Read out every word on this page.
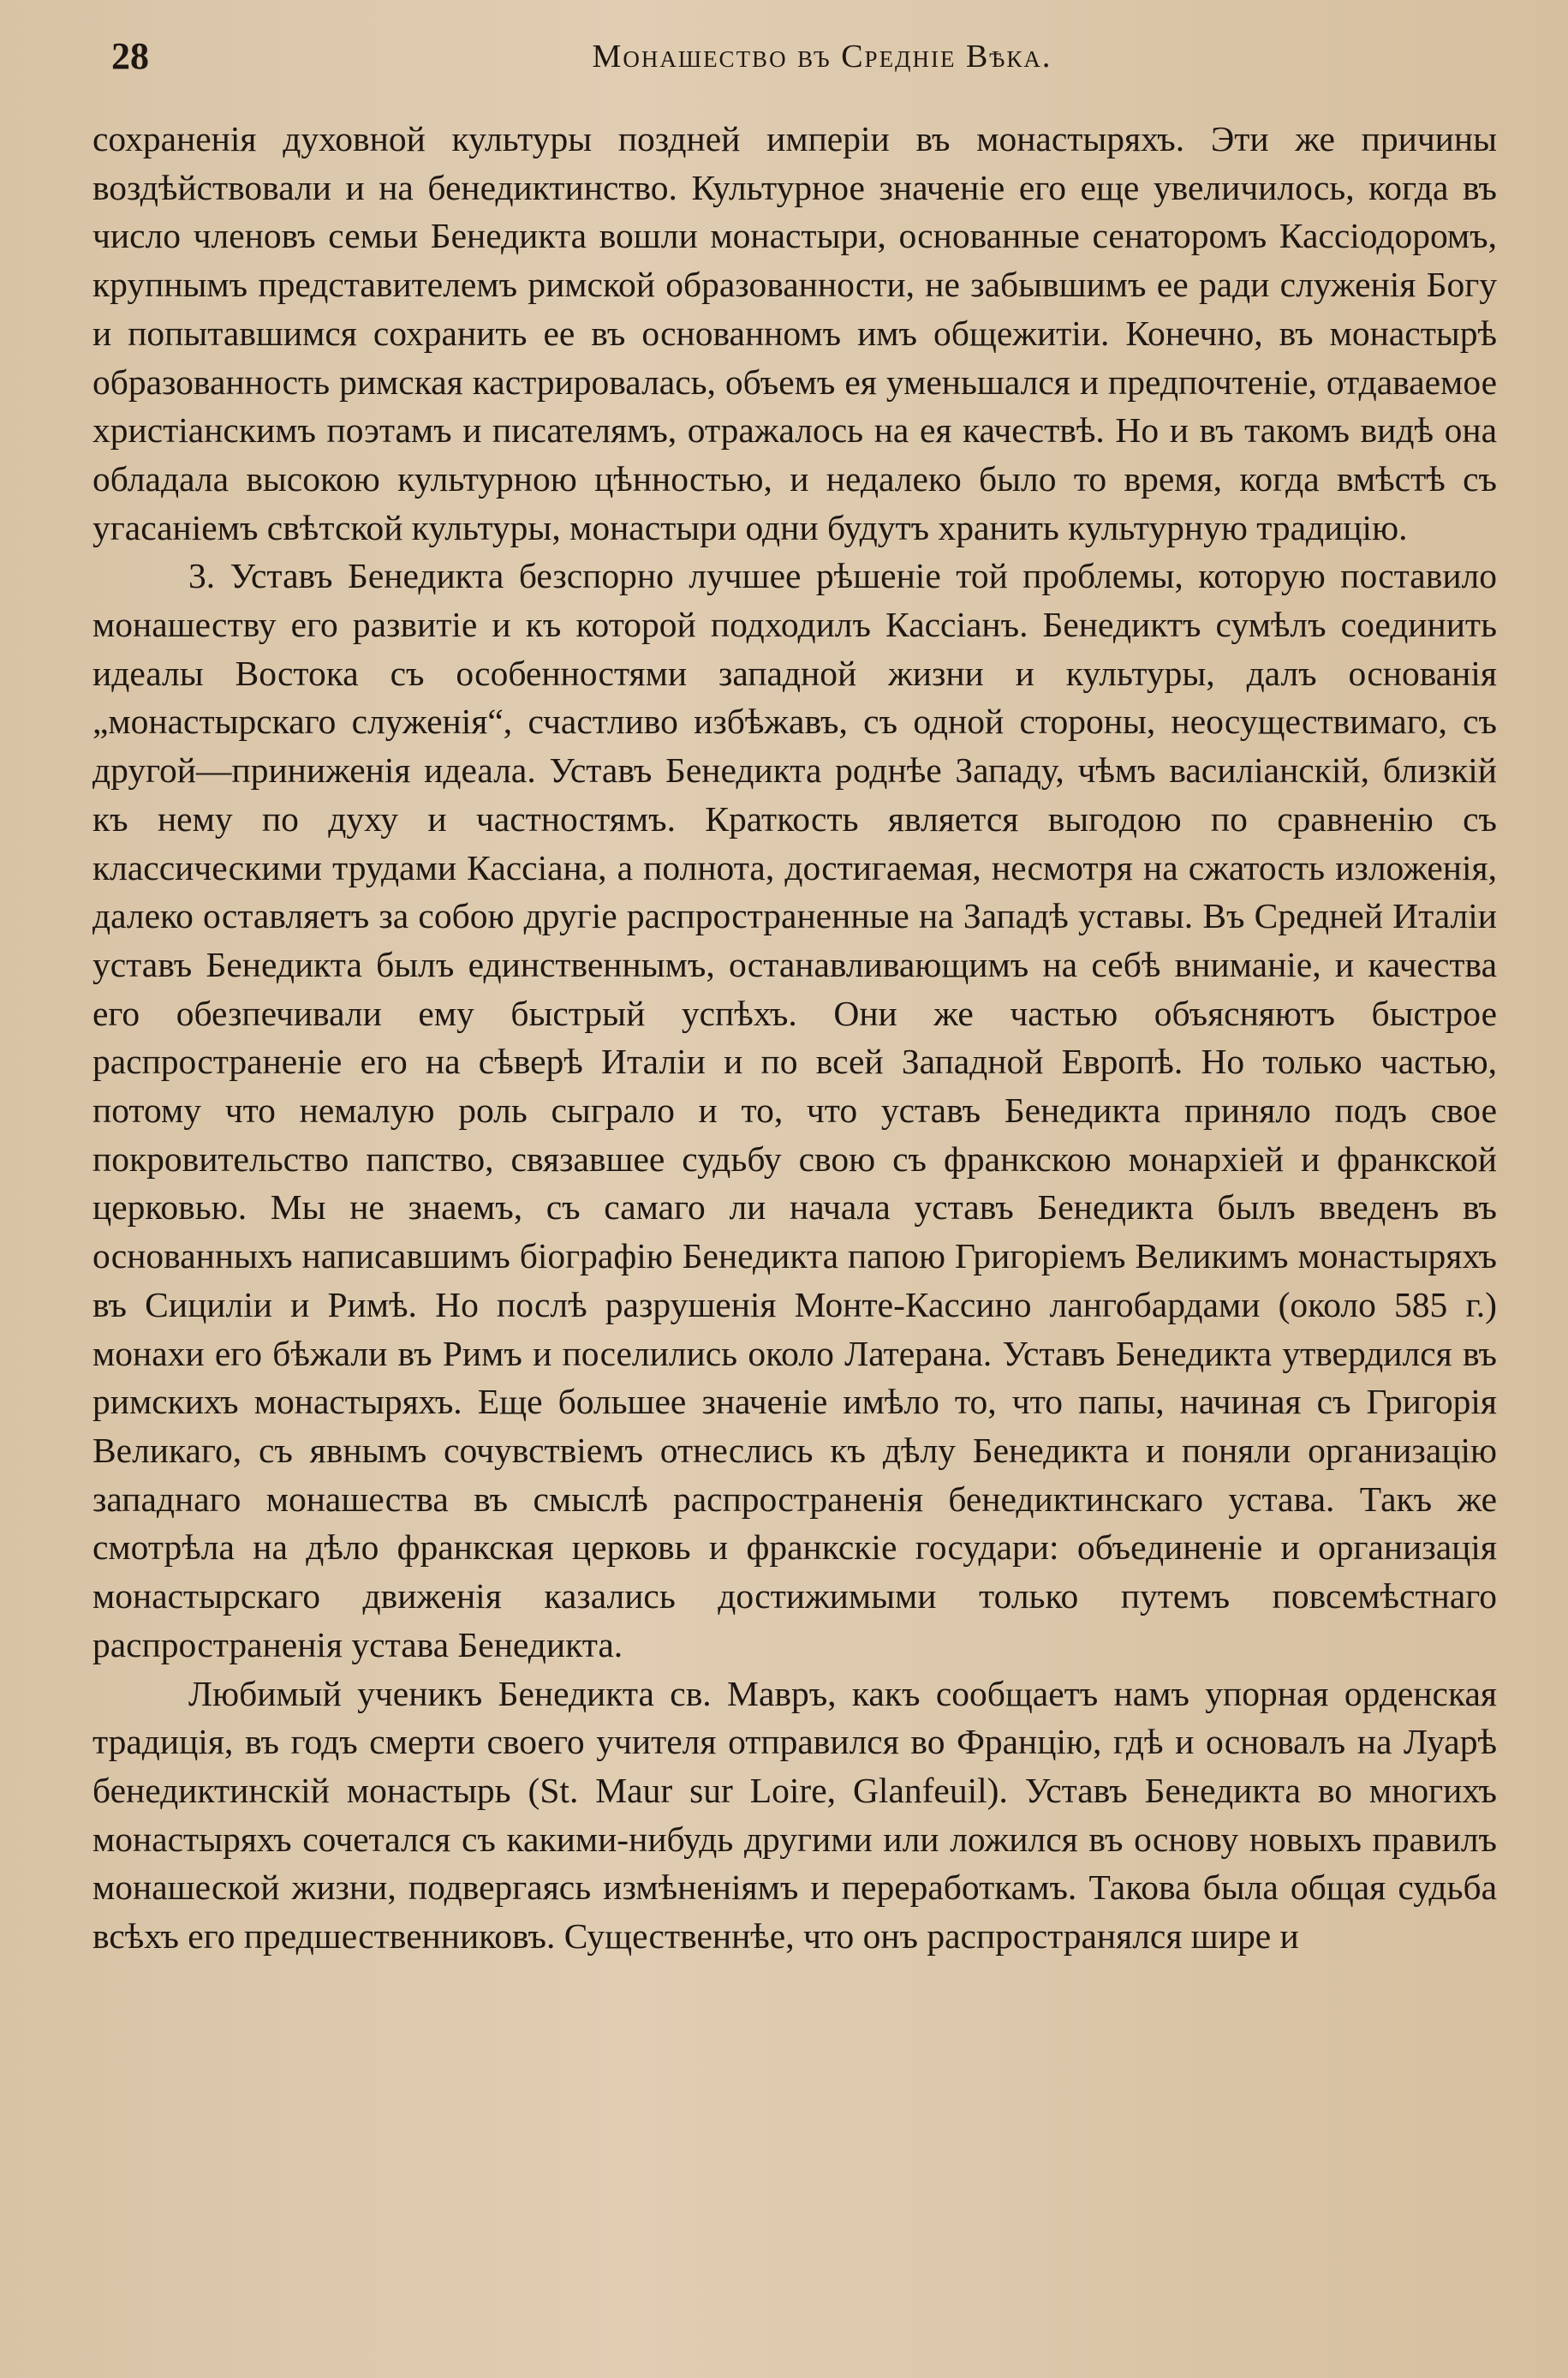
28	Монашество въ Средніе Вѣка.

сохраненія духовной культуры поздней имперіи въ монастыряхъ. Эти же причины воздѣйствовали и на бенедиктинство. Культурное значеніе его еще увеличилось, когда въ число членовъ семьи Бенедикта вошли монастыри, основанные сенаторомъ Кассіодоромъ, крупнымъ представителемъ римской образованности, не забывшимъ ее ради служенія Богу и попытавшимся сохранить ее въ основанномъ имъ общежитіи. Конечно, въ монастырѣ образованность римская кастрировалась, объемъ ея уменьшался и предпочтеніе, отдаваемое христіанскимъ поэтамъ и писателямъ, отражалось на ея качествѣ. Но и въ такомъ видѣ она обладала высокою культурною цѣнностью, и недалеко было то время, когда вмѣстѣ съ угасаніемъ свѣтской культуры, монастыри одни будутъ хранить культурную традицію.

3. Уставъ Бенедикта безспорно лучшее рѣшеніе той проблемы, которую поставило монашеству его развитіе и къ которой подходилъ Кассіанъ. Бенедиктъ сумѣлъ соединить идеалы Востока съ особенностями западной жизни и культуры, далъ основанія „монастырскаго служенія“, счастливо избѣжавъ, съ одной стороны, неосуществимаго, съ другой—приниженія идеала. Уставъ Бенедикта роднѣе Западу, чѣмъ василіанскій, близкій къ нему по духу и частностямъ. Краткость является выгодою по сравненію съ классическими трудами Кассіана, а полнота, достигаемая, несмотря на сжатость изложенія, далеко оставляетъ за собою другіе распространенные на Западѣ уставы. Въ Средней Италіи уставъ Бенедикта былъ единственнымъ, останавливающимъ на себѣ вниманіе, и качества его обезпечивали ему быстрый успѣхъ. Они же частью объясняютъ быстрое распространеніе его на сѣверѣ Италіи и по всей Западной Европѣ. Но только частью, потому что немалую роль сыграло и то, что уставъ Бенедикта приняло подъ свое покровительство папство, связавшее судьбу свою съ франкскою монархіей и франкской церковью. Мы не знаемъ, съ самаго ли начала уставъ Бенедикта былъ введенъ въ основанныхъ написавшимъ біографію Бенедикта папою Григоріемъ Великимъ монастыряхъ въ Сициліи и Римѣ. Но послѣ разрушенія Монте-Кассино лангобардами (около 585 г.) монахи его бѣжали въ Римъ и поселились около Латерана. Уставъ Бенедикта утвердился въ римскихъ монастыряхъ. Еще большее значеніе имѣло то, что папы, начиная съ Григорія Великаго, съ явнымъ сочувствіемъ отнеслись къ дѣлу Бенедикта и поняли организацію западнаго монашества въ смыслѣ распространенія бенедиктинскаго устава. Такъ же смотрѣла на дѣло франкская церковь и франкскіе государи: объединеніе и организація монастырскаго движенія казались достижимыми только путемъ повсемѣстнаго распространенія устава Бенедикта.

Любимый ученикъ Бенедикта св. Мавръ, какъ сообщаетъ намъ упорная орденская традиція, въ годъ смерти своего учителя отправился во Францію, гдѣ и основалъ на Луарѣ бенедиктинскій монастырь (St. Maur sur Loire, Glanfeuil). Уставъ Бенедикта во многихъ монастыряхъ сочетался съ какими-нибудь другими или ложился въ основу новыхъ правилъ монашеской жизни, подвергаясь измѣненіямъ и переработкамъ. Такова была общая судьба всѣхъ его предшественниковъ. Существеннѣе, что онъ распространялся шире и
